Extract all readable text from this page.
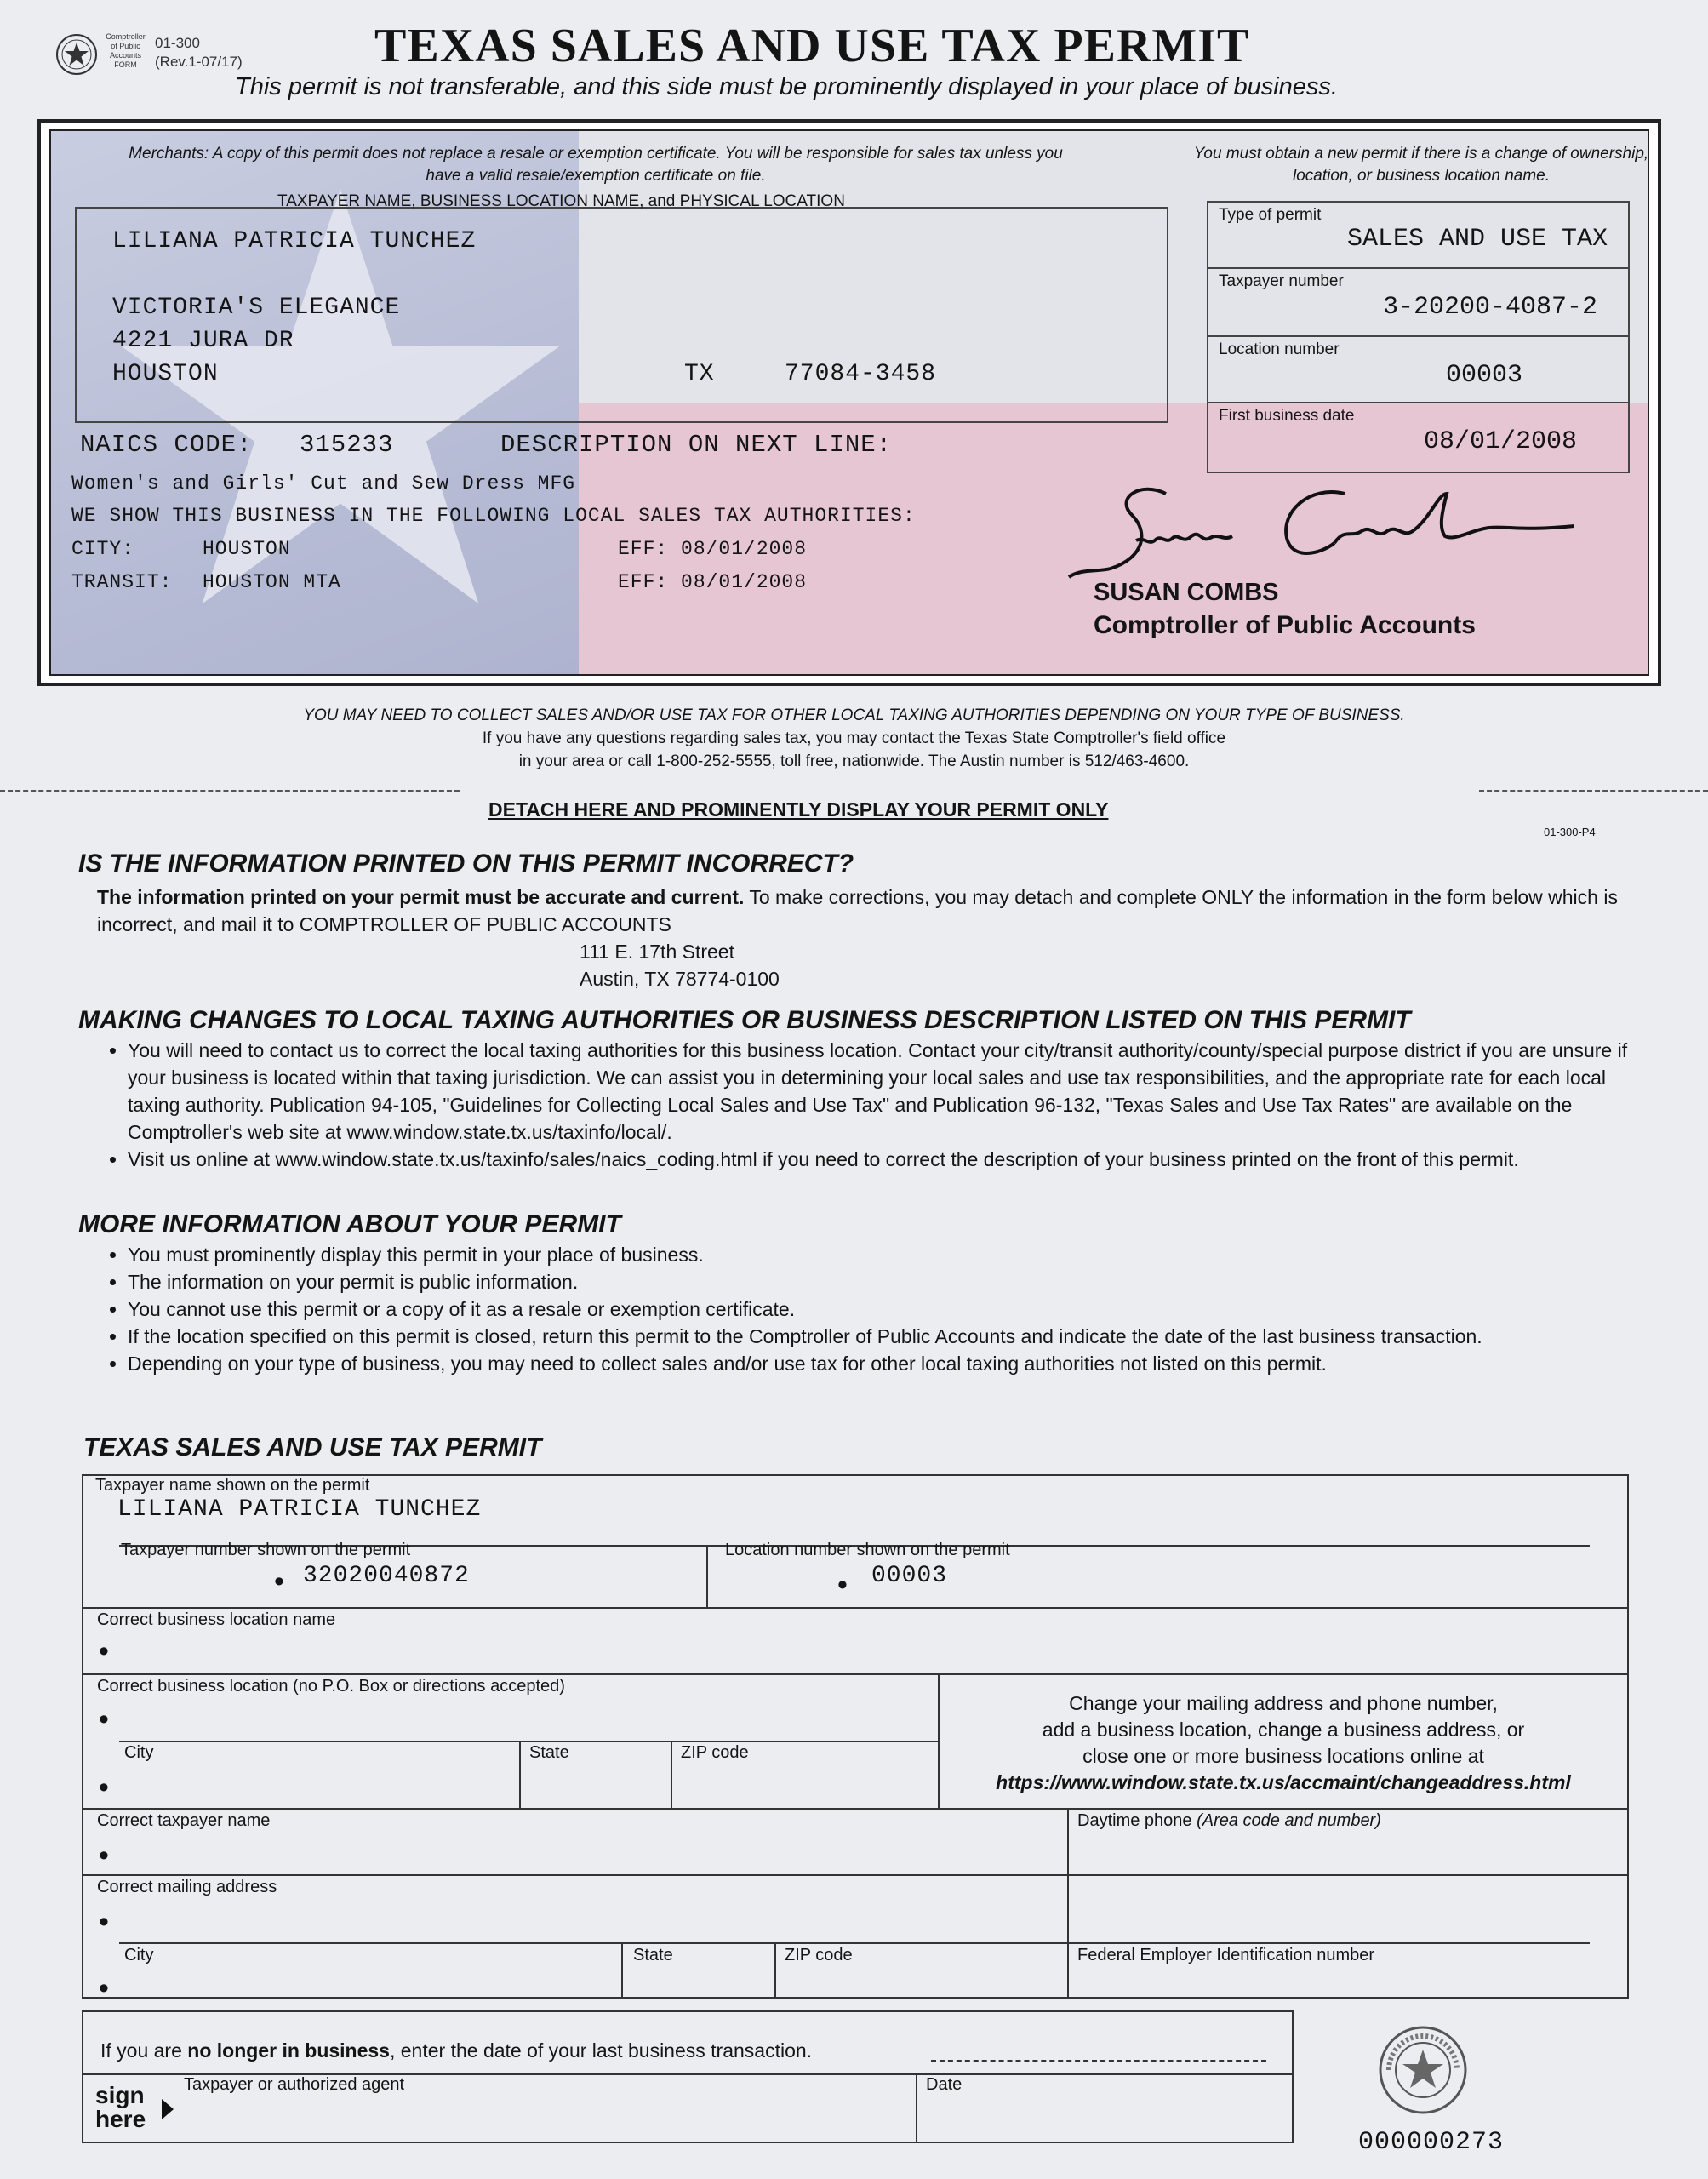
Comptroller of Public Accounts FORM
01-300
(Rev.1-07/17)	TEXAS SALES AND USE TAX PERMIT
This permit is not transferable, and this side must be prominently displayed in your place of business.
Merchants: A copy of this permit does not replace a resale or exemption certificate. You will be responsible for sales tax unless you have a valid resale/exemption certificate on file.
You must obtain a new permit if there is a change of ownership, location, or business location name.
TAXPAYER NAME, BUSINESS LOCATION NAME, and PHYSICAL LOCATION
LILIANA PATRICIA TUNCHEZ
VICTORIA'S ELEGANCE
4221 JURA DR
HOUSTON	TX	77084-3458
Type of permit
SALES AND USE TAX
Taxpayer number
3-20200-4087-2
Location number
00003
First business date
08/01/2008
NAICS CODE: 315233	DESCRIPTION ON NEXT LINE:
Women's and Girls' Cut and Sew Dress MFG
WE SHOW THIS BUSINESS IN THE FOLLOWING LOCAL SALES TAX AUTHORITIES:
CITY:	HOUSTON	EFF: 08/01/2008
TRANSIT: HOUSTON MTA	EFF: 08/01/2008	SUSAN COMBS
Comptroller of Public Accounts
YOU MAY NEED TO COLLECT SALES AND/OR USE TAX FOR OTHER LOCAL TAXING AUTHORITIES DEPENDING ON YOUR TYPE OF BUSINESS.
If you have any questions regarding sales tax, you may contact the Texas State Comptroller's field office
in your area or call 1-800-252-5555, toll free, nationwide. The Austin number is 512/463-4600.
DETACH HERE AND PROMINENTLY DISPLAY YOUR PERMIT ONLY
01-300-P4
IS THE INFORMATION PRINTED ON THIS PERMIT INCORRECT?
The information printed on your permit must be accurate and current. To make corrections, you may detach and complete ONLY the information in the form below which is incorrect, and mail it to COMPTROLLER OF PUBLIC ACCOUNTS
111 E. 17th Street
Austin, TX 78774-0100
MAKING CHANGES TO LOCAL TAXING AUTHORITIES OR BUSINESS DESCRIPTION LISTED ON THIS PERMIT
• You will need to contact us to correct the local taxing authorities for this business location. Contact your city/transit authority/county/special purpose district if you are unsure if your business is located within that taxing jurisdiction. We can assist you in determining your local sales and use tax responsibilities, and the appropriate rate for each local taxing authority. Publication 94-105, "Guidelines for Collecting Local Sales and Use Tax" and Publication 96-132, "Texas Sales and Use Tax Rates" are available on the Comptroller's web site at www.window.state.tx.us/taxinfo/local/.
• Visit us online at www.window.state.tx.us/taxinfo/sales/naics_coding.html if you need to correct the description of your business printed on the front of this permit.
MORE INFORMATION ABOUT YOUR PERMIT
• You must prominently display this permit in your place of business.
• The information on your permit is public information.
• You cannot use this permit or a copy of it as a resale or exemption certificate.
• If the location specified on this permit is closed, return this permit to the Comptroller of Public Accounts and indicate the date of the last business transaction.
• Depending on your type of business, you may need to collect sales and/or use tax for other local taxing authorities not listed on this permit.
TEXAS SALES AND USE TAX PERMIT
Taxpayer name shown on the permit
LILIANA PATRICIA TUNCHEZ
Taxpayer number shown on the permit
• 32020040872
Location number shown on the permit
• 00003
Correct business location name
•
Correct business location (no P.O. Box or directions accepted)
•
City
•
State	ZIP code
Change your mailing address and phone number,
add a business location, change a business address, or
close one or more business locations online at
https://www.window.state.tx.us/accmaint/changeaddress.html
Correct taxpayer name
•
Daytime phone (Area code and number)
Correct mailing address
•
City
•
State	ZIP code	Federal Employer Identification number
If you are no longer in business, enter the date of your last business transaction.
sign
here
Taxpayer or authorized agent	Date
000000273
